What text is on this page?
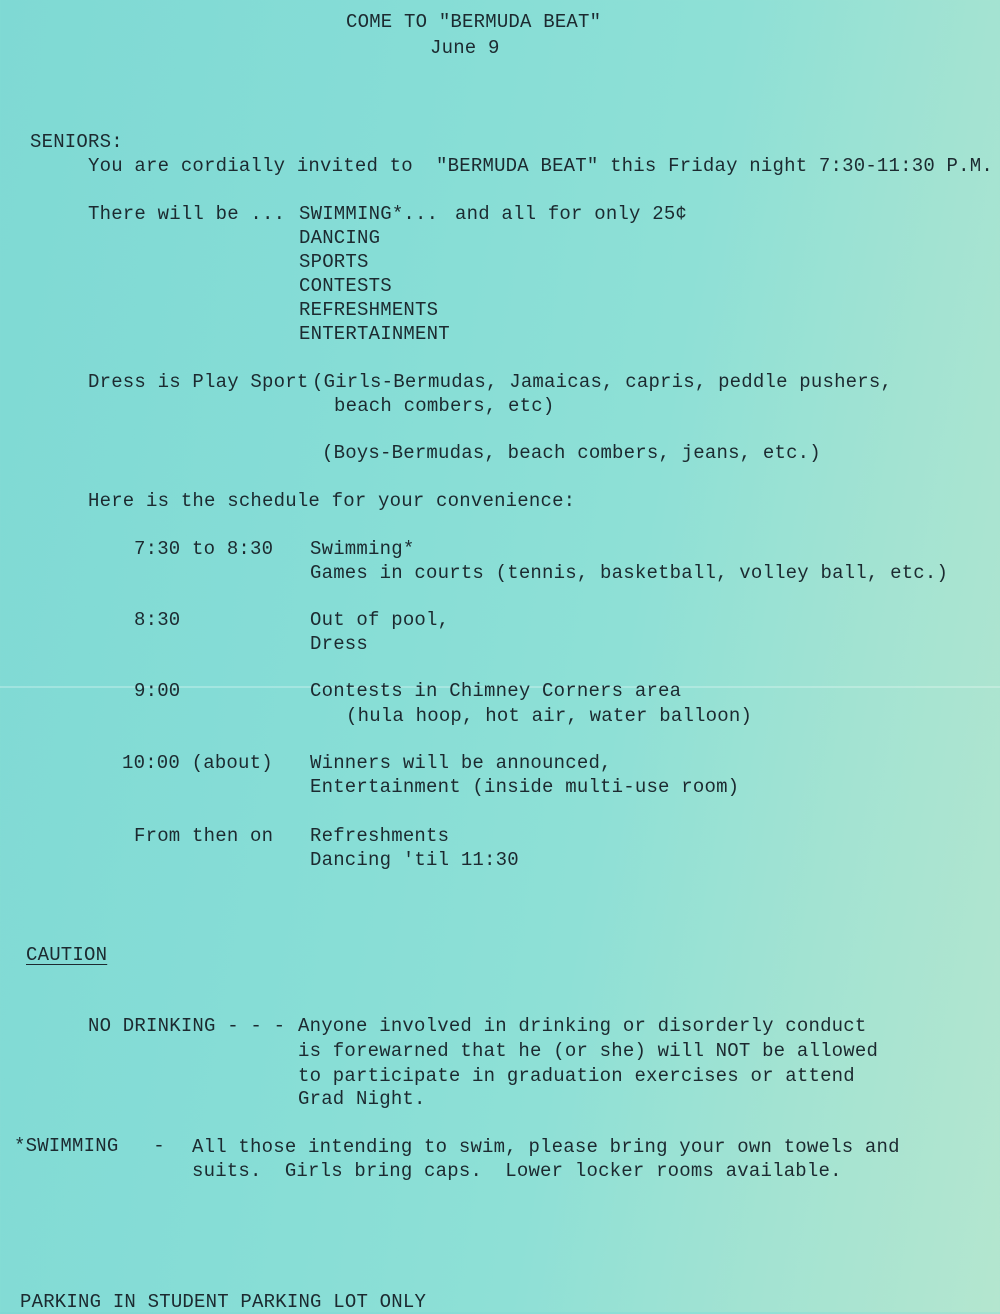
COME TO "BERMUDA BEAT"
June 9
SENIORS:
You are cordially invited to  "BERMUDA BEAT" this Friday night 7:30-11:30 P.M.
There will be ... SWIMMING*... and all for only 25¢
DANCING
SPORTS
CONTESTS
REFRESHMENTS
ENTERTAINMENT
Dress is Play Sport (Girls-Bermudas, Jamaicas, capris, peddle pushers,
beach combers, etc)
(Boys-Bermudas, beach combers, jeans, etc.)
Here is the schedule for your convenience:
7:30 to 8:30 Swimming*
Games in courts (tennis, basketball, volley ball, etc.)
8:30	Out of pool,
Dress
9:00	Contests in Chimney Corners area
(hula hoop, hot air, water balloon)
10:00 (about) Winners will be announced,
Entertainment (inside multi-use room)
From then on Refreshments
Dancing 'til 11:30
CAUTION
NO DRINKING - - - Anyone involved in drinking or disorderly conduct
is forewarned that he (or she) will NOT be allowed
to participate in graduation exercises or attend
Grad Night.
*SWIMMING   - All those intending to swim, please bring your own towels and
suits.  Girls bring caps.  Lower locker rooms available.
PARKING IN STUDENT PARKING LOT ONLY
